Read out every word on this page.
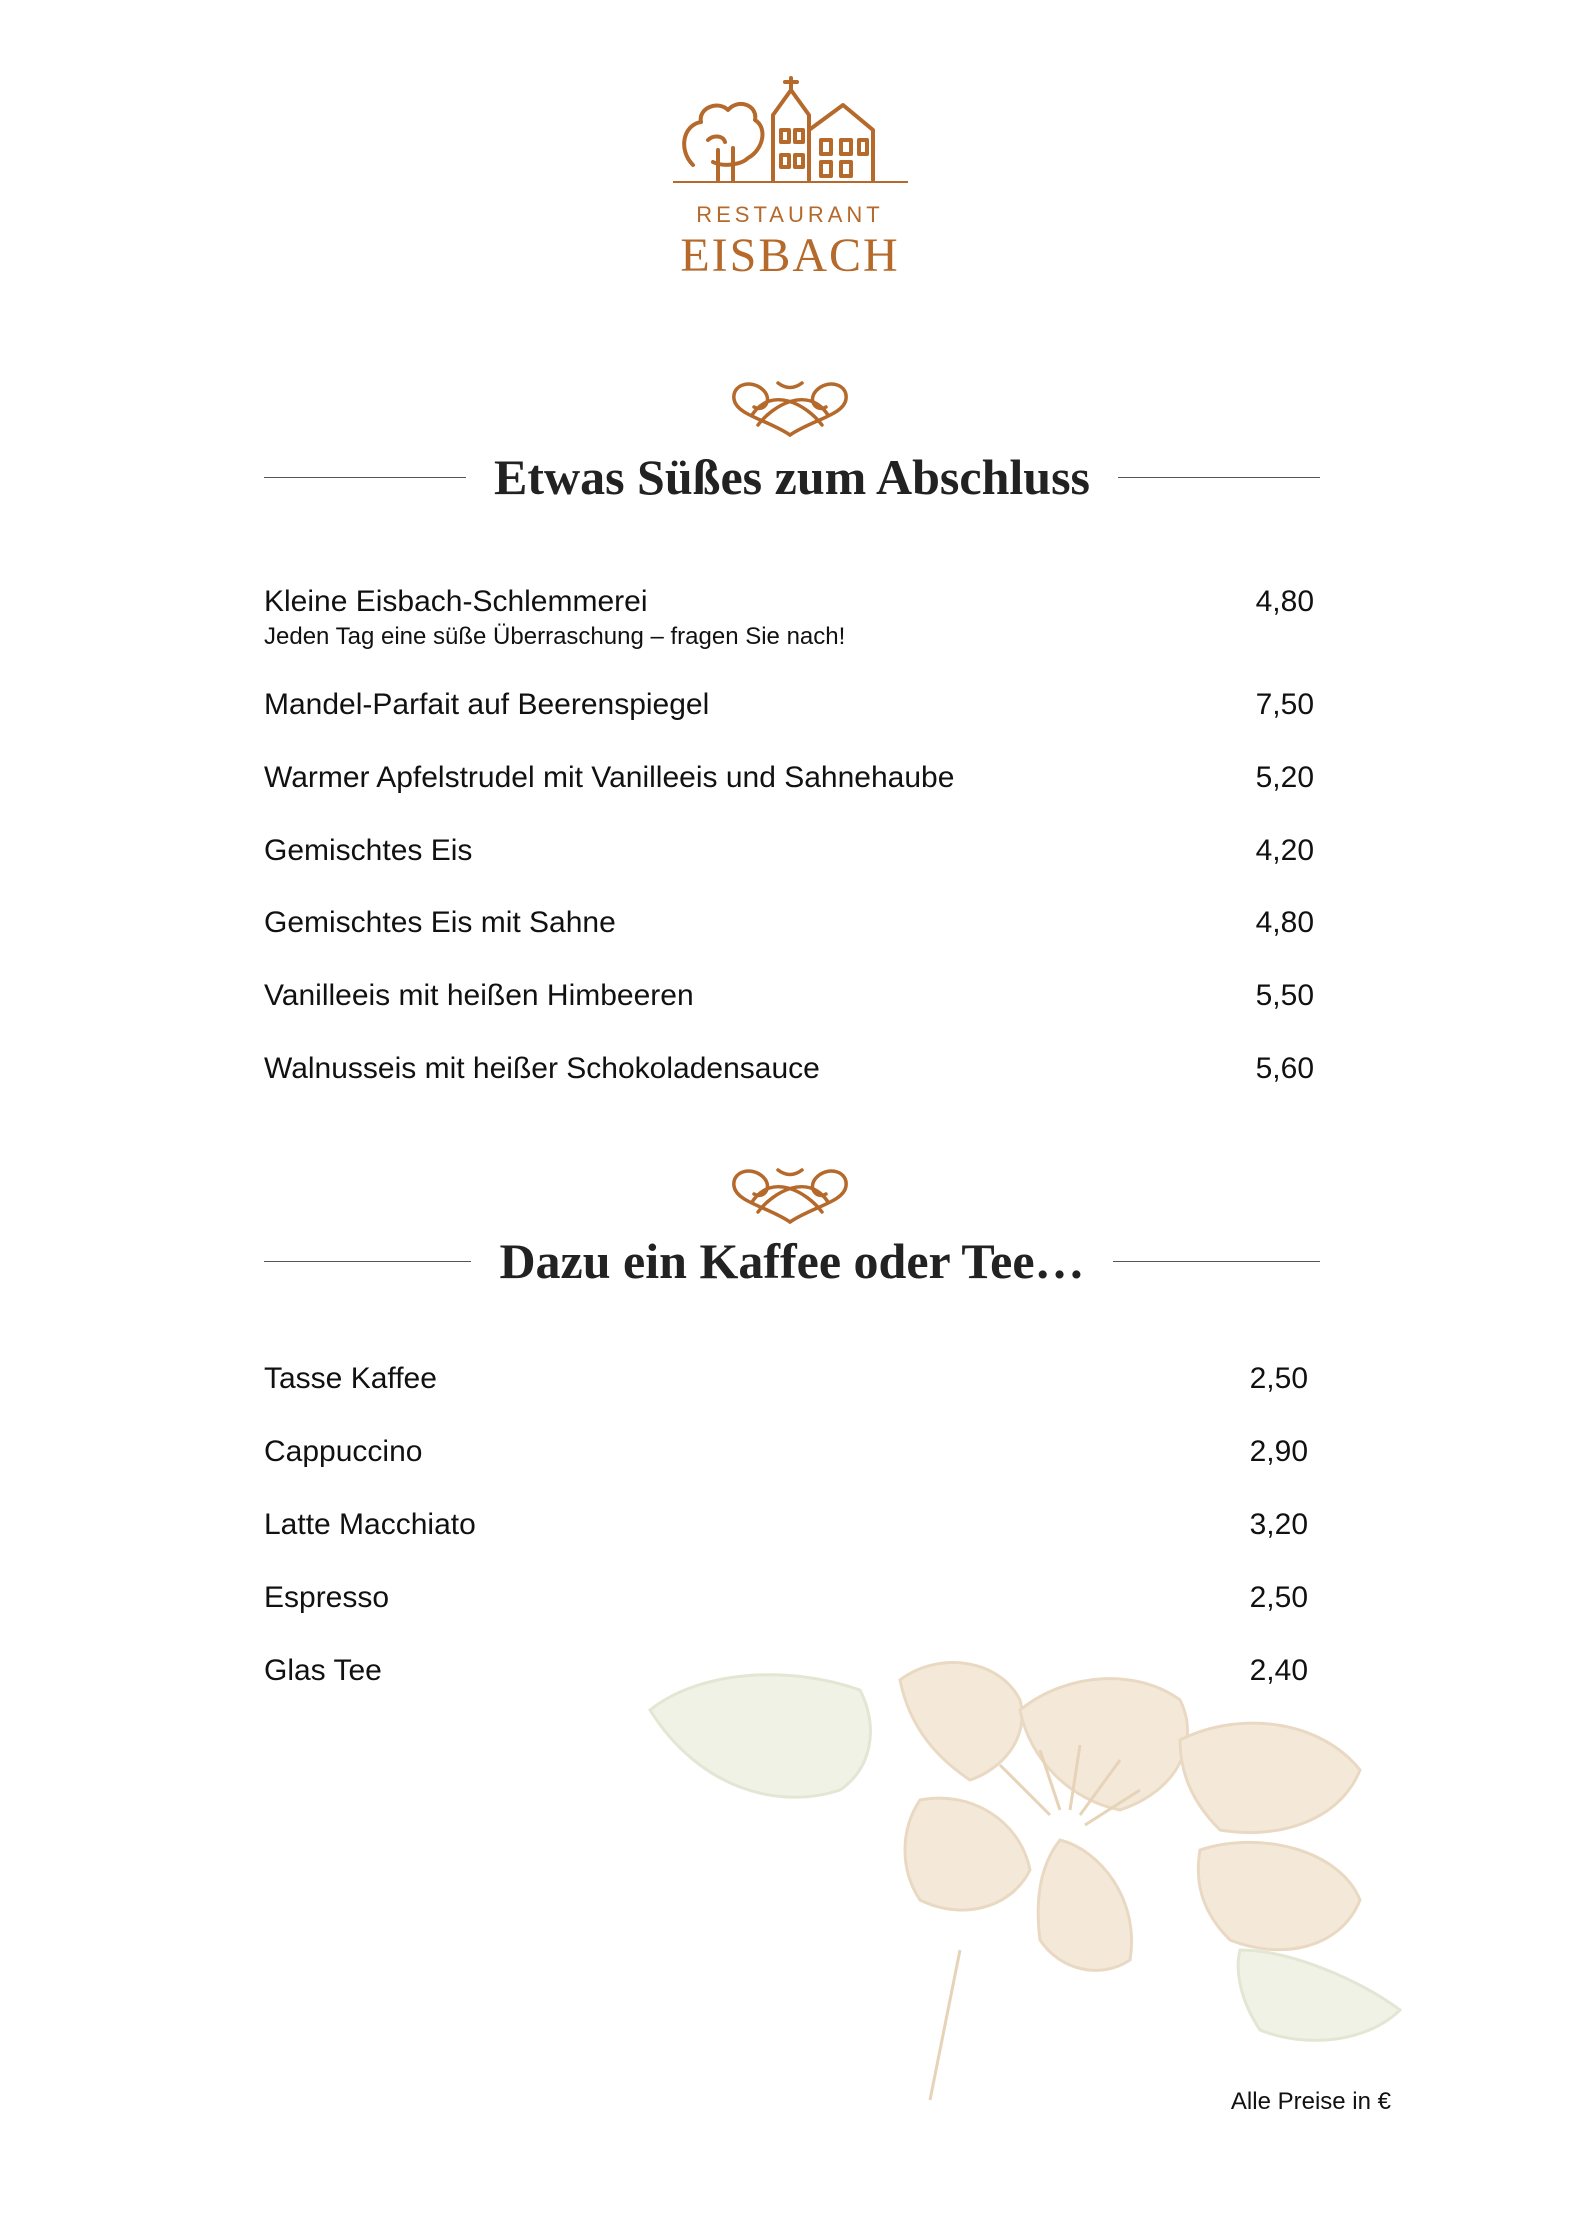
RESTAURANT
EISBACH
Etwas Süßes zum Abschluss
Kleine Eisbach-Schlemmerei	4,80
Jeden Tag eine süße Überraschung – fragen Sie nach!
Mandel-Parfait auf Beerenspiegel	7,50
Warmer Apfelstrudel mit Vanilleeis und Sahnehaube	5,20
Gemischtes Eis	4,20
Gemischtes Eis mit Sahne	4,80
Vanilleeis mit heißen Himbeeren	5,50
Walnusseis mit heißer Schokoladensauce	5,60
Dazu ein Kaffee oder Tee…
Tasse Kaffee	2,50
Cappuccino	2,90
Latte Macchiato	3,20
Espresso	2,50
Glas Tee	2,40
Alle Preise in €
